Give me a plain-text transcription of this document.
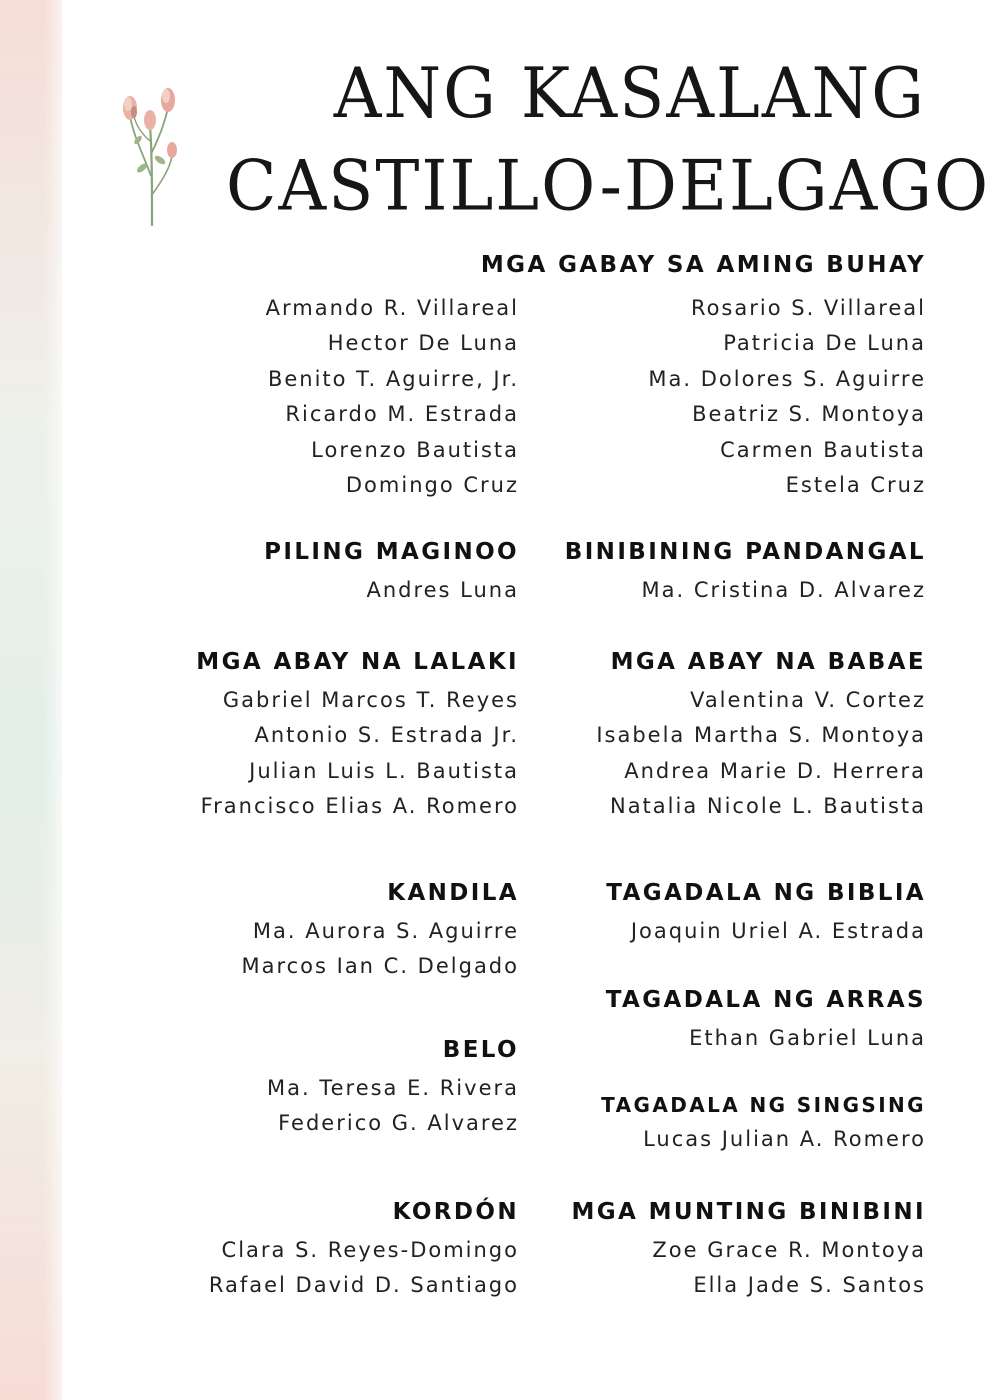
ANG KASALANG
CASTILLO-DELGAGO
MGA GABAY SA AMING BUHAY
Armando R. Villareal
Hector De Luna
Benito T. Aguirre, Jr.
Ricardo M. Estrada
Lorenzo Bautista
Domingo Cruz
Rosario S. Villareal
Patricia De Luna
Ma. Dolores S. Aguirre
Beatriz S. Montoya
Carmen Bautista
Estela Cruz
PILING MAGINOO
Andres Luna
BINIBINING PANDANGAL
Ma. Cristina D. Alvarez
MGA ABAY NA LALAKI
Gabriel Marcos T. Reyes
Antonio S. Estrada Jr.
Julian Luis L. Bautista
Francisco Elias A. Romero
MGA ABAY NA BABAE
Valentina V. Cortez
Isabela Martha S. Montoya
Andrea Marie D. Herrera
Natalia Nicole L. Bautista
KANDILA
Ma. Aurora S. Aguirre
Marcos Ian C. Delgado
TAGADALA NG BIBLIA
Joaquin Uriel A. Estrada
TAGADALA NG ARRAS
Ethan Gabriel Luna
BELO
Ma. Teresa E. Rivera
Federico G. Alvarez
TAGADALA NG SINGSING
Lucas Julian A. Romero
KORDÓN
Clara S. Reyes-Domingo
Rafael David D. Santiago
MGA MUNTING BINIBINI
Zoe Grace R. Montoya
Ella Jade S. Santos
